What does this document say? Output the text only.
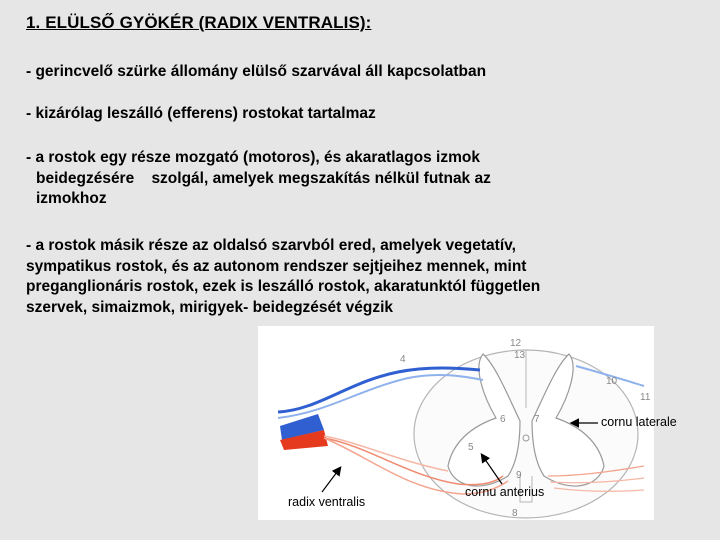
1. ELÜLSŐ GYÖKÉR (RADIX VENTRALIS):

- gerincvelő szürke állomány elülső szarvával áll kapcsolatban

- kizárólag leszálló (efferens) rostokat tartalmaz

- a rostok egy része mozgató (motoros), és akaratlagos izmok
beidegzésére    szolgál, amelyek megszakítás nélkül futnak az
izmokhoz

- a rostok másik része az oldalsó szarvból ered, amelyek vegetatív,
sympatikus rostok, és az autonom rendszer sejtjeihez mennek, mint
preganglionáris rostok, ezek is leszálló rostok, akaratunktól független
szervek, simaizmok, mirigyek- beidegzését végzik

12
13
4
6	7
5
10
11
9
8
cornu laterale
radix ventralis
cornu anterius
